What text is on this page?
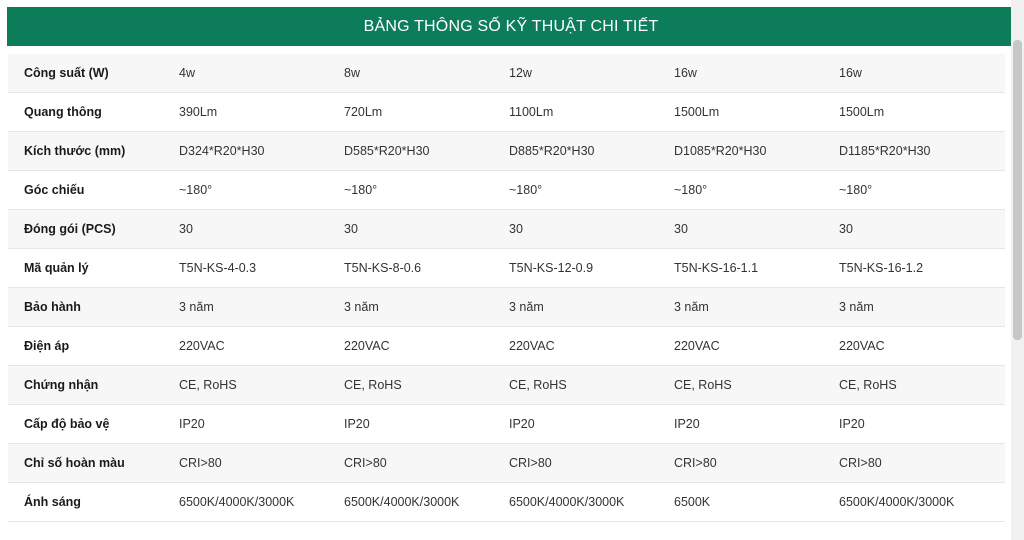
BẢNG THÔNG SỐ KỸ THUẬT CHI TIẾT
Công suất (W)	4w	8w	12w	16w	16w
Quang thông	390Lm	720Lm	1100Lm	1500Lm	1500Lm
Kích thước (mm)	D324*R20*H30	D585*R20*H30	D885*R20*H30	D1085*R20*H30	D1185*R20*H30
Góc chiếu	~180°	~180°	~180°	~180°	~180°
Đóng gói (PCS)	30	30	30	30	30
Mã quản lý	T5N-KS-4-0.3	T5N-KS-8-0.6	T5N-KS-12-0.9	T5N-KS-16-1.1	T5N-KS-16-1.2
Bảo hành	3 năm	3 năm	3 năm	3 năm	3 năm
Điện áp	220VAC	220VAC	220VAC	220VAC	220VAC
Chứng nhận	CE, RoHS	CE, RoHS	CE, RoHS	CE, RoHS	CE, RoHS
Cấp độ bảo vệ	IP20	IP20	IP20	IP20	IP20
Chỉ số hoàn màu	CRI>80	CRI>80	CRI>80	CRI>80	CRI>80
Ánh sáng	6500K/4000K/3000K	6500K/4000K/3000K	6500K/4000K/3000K	6500K	6500K/4000K/3000K
